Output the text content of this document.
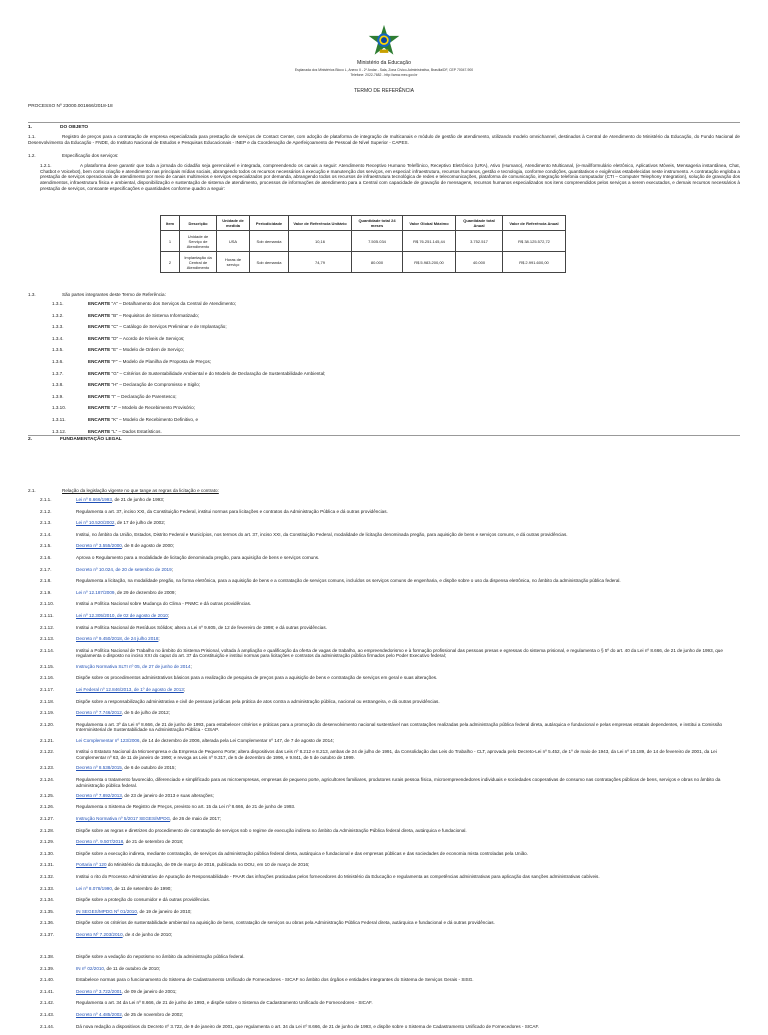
Ministério da Educação
Esplanada dos Ministérios Bloco L, Anexo II - 2º Andar - Sala, Zona Cívico-Administrativa, Brasília/DF, CEP 70047-900
Telefone: 2022-7682 - http://www.mec.gov.br
TERMO DE REFERÊNCIA
PROCESSO Nº 23000.001666/2018-18
1.	DO OBJETO
1.1.	Registro de preços para a contratação de empresa especializada para prestação de serviços de Contact Center, com adoção de plataforma de integração de multicanais e módulo de gestão de atendimento, utilizando modelo omnichannel, destinados à Central de Atendimento do Ministério da Educação, do Fundo Nacional de Desenvolvimento da Educação - FNDE, do Instituto Nacional de Estudos e Pesquisas Educacionais - INEP e da Coordenação de Aperfeiçoamento de Pessoal de Nível Superior - CAPES.
1.2.	Especificação dos serviços:
1.2.1.	A plataforma deve garantir que toda a jornada do cidadão seja gerenciável e integrada, compreendendo os canais a seguir: Atendimento Receptivo Humano Telefônico, Receptivo Eletrônico (URA), Ativo (Humano), Atendimento Multicanal, (e-mail/formulário eletrônico, Aplicativos Móveis, Mensageria instantânea, Chat, Chatbot e Voicebot), bem como criação e atendimento nas principais mídias sociais, abrangendo todos os recursos necessários à execução e manutenção dos serviços, em especial: infraestrutura, recursos humanos, gestão e tecnologia, conforme condições, quantitativos e exigências estabelecidas neste instrumento. A contratação engloba a prestação de serviços operacionais de atendimento por meio de canais multimeios e serviços especializados por demanda, abrangendo todos os recursos de infraestrutura tecnológica de redes e telecomunicações, plataforma de comunicação, integração telefonia computador (CTI – Computer Telephony Integration), solução de gravação dos atendimentos, infraestrutura física e ambiental, disponibilização e sustentação de sistema de atendimento, processos de informações de atendimento para a Central com capacidade de gravação de mensagens, recursos humanos especializados nos itens compreendidos pelos serviços a serem executados, e demais recursos necessários à prestação de serviços, consoante especificações e quantidades conforme quadro a seguir:
Item	Descrição	Unidade de medida	Periodicidade	Valor de Referência Unitário	Quantidade total 24 meses	Valor Global Máximo	Quantidade total Anual	Valor de Referência Anual
1	Unidade de Serviço de Atendimento	USA	Sob demanda	10,16	7.505.034	R$ 76.251.145,44	3.752.517	R$ 38.125.572,72
2	Implantação da Central de Atendimento	Horas de serviço	Sob demanda	74,79	80.000	R$ 5.983.200,00	40.000	R$ 2.991.600,00
1.3.	São partes integrantes deste Termo de Referência:
1.3.1.	ENCARTE "A" – Detalhamento dos Serviços da Central de Atendimento;
1.3.2.	ENCARTE "B" – Requisitos de Sistema Informatizado;
1.3.3.	ENCARTE "C" – Catálogo de Serviços Preliminar e de Implantação;
1.3.4.	ENCARTE "D" – Acordo de Níveis de Serviços;
1.3.5.	ENCARTE "E" – Modelo de Ordem de Serviço;
1.3.6.	ENCARTE "F" – Modelo de Planilha de Proposta de Preços;
1.3.7.	ENCARTE "G" – Critérios de Sustentabilidade Ambiental e do Modelo de Declaração de Sustentabilidade Ambiental;
1.3.8.	ENCARTE "H" – Declaração de Compromisso e Sigilo;
1.3.9.	ENCARTE "I" – Declaração de Parentesco;
1.3.10.	ENCARTE "J" – Modelo de Recebimento Provisório;
1.3.11.	ENCARTE "K" – Modelo de Recebimento Definitivo, e
1.3.12.	ENCARTE "L" – Dados Estatísticos.
2.	FUNDAMENTAÇÃO LEGAL
2.1.	Relação da legislação vigente no que tange as regras da licitação e contrato:
2.1.1.	Lei nº 8.666/1993, de 21 de junho de 1993;
2.1.2.	Regulamenta o art. 37, inciso XXI, da Constituição Federal, institui normas para licitações e contratos da Administração Pública e dá outras providências.
2.1.3.	Lei nº 10.520/2002, de 17 de julho de 2002;
2.1.4.	Institui, no âmbito da União, Estados, Distrito Federal e Municípios, nos termos do art. 37, inciso XXI, da Constituição Federal, modalidade de licitação denominada pregão, para aquisição de bens e serviços comuns, e dá outras providências.
2.1.5.	Decreto nº 3.555/2000, de 8 de agosto de 2000;
2.1.6.	Aprova o Regulamento para a modalidade de licitação denominada pregão, para aquisição de bens e serviços comuns.
2.1.7.	Decreto nº 10.024, de 20 de setembro de 2019;
2.1.8.	Regulamenta a licitação, na modalidade pregão, na forma eletrônica, para a aquisição de bens e a contratação de serviços comuns, incluídos os serviços comuns de engenharia, e dispõe sobre o uso da dispensa eletrônica, no âmbito da administração pública federal.
2.1.9.	Lei nº 12.187/2009, de 29 de dezembro de 2009;
2.1.10.	Institui a Política Nacional sobre Mudança do Clima - PNMC e dá outras providências.
2.1.11.	Lei nº 12.305/2010, de 02 de agosto de 2010;
2.1.12.	Institui a Política Nacional de Resíduos Sólidos; altera a Lei nº 9.605, de 12 de fevereiro de 1998; e dá outras providências.
2.1.13.	Decreto nº 9.450/2018, de 24 julho 2018;
2.1.14.	Institui a Política Nacional de Trabalho no âmbito do Sistema Prisional, voltada à ampliação e qualificação da oferta de vagas de trabalho, ao empreendedorismo e à formação profissional das pessoas presas e egressas do sistema prisional, e regulamenta o § 5º do art. 40 da Lei nº 8.666, de 21 de junho de 1993, que regulamenta o disposto no inciso XXI do caput do art. 37 da Constituição e institui normas para licitações e contratos da administração pública firmados pelo Poder Executivo federal;
2.1.15.	Instrução Normativa SLTI nº 05, de 27 de junho de 2014;
2.1.16.	Dispõe sobre os procedimentos administrativos básicos para a realização de pesquisa de preços para a aquisição de bens e contratação de serviços em geral e suas alterações.
2.1.17.	Lei Federal nº 12.846/2013, de 1º de agosto de 2013;
2.1.18.	Dispõe sobre a responsabilização administrativa e civil de pessoas jurídicas pela prática de atos contra a administração pública, nacional ou estrangeira, e dá outras providências.
2.1.19.	Decreto nº 7.746/2012, de 5 de julho de 2012;
2.1.20.	Regulamenta o art. 3º da Lei nº 8.666, de 21 de junho de 1993, para estabelecer critérios e práticas para a promoção do desenvolvimento nacional sustentável nas contratações realizadas pela administração pública federal direta, autárquica e fundacional e pelas empresas estatais dependentes, e institui a Comissão Interministerial de Sustentabilidade na Administração Pública - CISAP.
2.1.21.	Lei Complementar nº 123/2006, de 14 de dezembro de 2006, alterada pela Lei Complementar nº 147, de 7 de agosto de 2014;
2.1.22.	Institui o Estatuto Nacional da Microempresa e da Empresa de Pequeno Porte; altera dispositivos das Leis nº 8.212 e 8.213, ambas de 24 de julho de 1991, da Consolidação das Leis do Trabalho - CLT, aprovada pelo Decreto-Lei nº 5.452, de 1º de maio de 1943, da Lei nº 10.189, de 14 de fevereiro de 2001, da Lei Complementar nº 63, de 11 de janeiro de 1990; e revoga as Leis nº 9.317, de 5 de dezembro de 1996, e 9.841, de 5 de outubro de 1999.
2.1.23.	Decreto nº 8.538/2015, de 6 de outubro de 2015;
2.1.24.	Regulamenta o tratamento favorecido, diferenciado e simplificado para as microempresas, empresas de pequeno porte, agricultores familiares, produtores rurais pessoa física, microempreendedores individuais e sociedades cooperativas de consumo nas contratações públicas de bens, serviços e obras no âmbito da administração pública federal.
2.1.25.	Decreto nº 7.892/2013, de 23 de janeiro de 2013 e suas alterações;
2.1.26.	Regulamenta o Sistema de Registro de Preços, previsto no art. 15 da Lei nº 8.666, de 21 de junho de 1993.
2.1.27.	Instrução Normativa nº 5/2017 SEGES/MPDG, de 26 de maio de 2017;
2.1.28.	Dispõe sobre as regras e diretrizes do procedimento de contratação de serviços sob o regime de execução indireta no âmbito da Administração Pública federal direta, autárquica e fundacional.
2.1.29.	Decreto nº. 9.507/2018, de 21 de setembro de 2018;
2.1.30.	Dispõe sobre a execução indireta, mediante contratação, de serviços da administração pública federal direta, autárquica e fundacional e das empresas públicas e das sociedades de economia mista controladas pela União.
2.1.31.	Portaria nº 120 do Ministério da Educação, de 09 de março de 2016, publicada no DOU, em 10 de março de 2016;
2.1.32.	Institui o rito do Processo Administrativo de Apuração de Responsabilidade - PAAR das infrações praticadas pelos fornecedores do Ministério da Educação e regulamenta as competências administrativas para aplicação das sanções administrativas cabíveis.
2.1.33.	Lei nº 8.078/1990, de 11 de setembro de 1990;
2.1.34.	Dispõe sobre a proteção do consumidor e dá outras providências.
2.1.35.	IN SEGES/MPDG Nº 01/2010, de 19 de janeiro de 2010;
2.1.36.	Dispõe sobre os critérios de sustentabilidade ambiental na aquisição de bens, contratação de serviços ou obras pela Administração Pública Federal direta, autárquica e fundacional e dá outras providências.
2.1.37.	Decreto Nº 7.203/2010, de 4 de junho de 2010;
2.1.38.	Dispõe sobre a vedação do nepotismo no âmbito da administração pública federal.
2.1.39.	IN nº 02/2010, de 11 de outubro de 2010;
2.1.40.	Estabelece normas para o funcionamento do Sistema de Cadastramento Unificado de Fornecedores - SICAF no âmbito dos órgãos e entidades integrantes do Sistema de Serviços Gerais - SISG.
2.1.41.	Decreto nº 3.722/2001, de 09 de janeiro de 2001;
2.1.42.	Regulamenta o art. 34 da Lei nº 8.666, de 21 de junho de 1993, e dispõe sobre o Sistema de Cadastramento Unificado de Fornecedores - SICAF.
2.1.43.	Decreto nº 4.485/2002, de 25 de novembro de 2002;
2.1.44.	Dá nova redação a dispositivos do Decreto nº 3.722, de 9 de janeiro de 2001, que regulamenta o art. 34 da Lei nº 8.666, de 21 de junho de 1993, e dispõe sobre o Sistema de Cadastramento Unificado de Fornecedores - SICAF.
